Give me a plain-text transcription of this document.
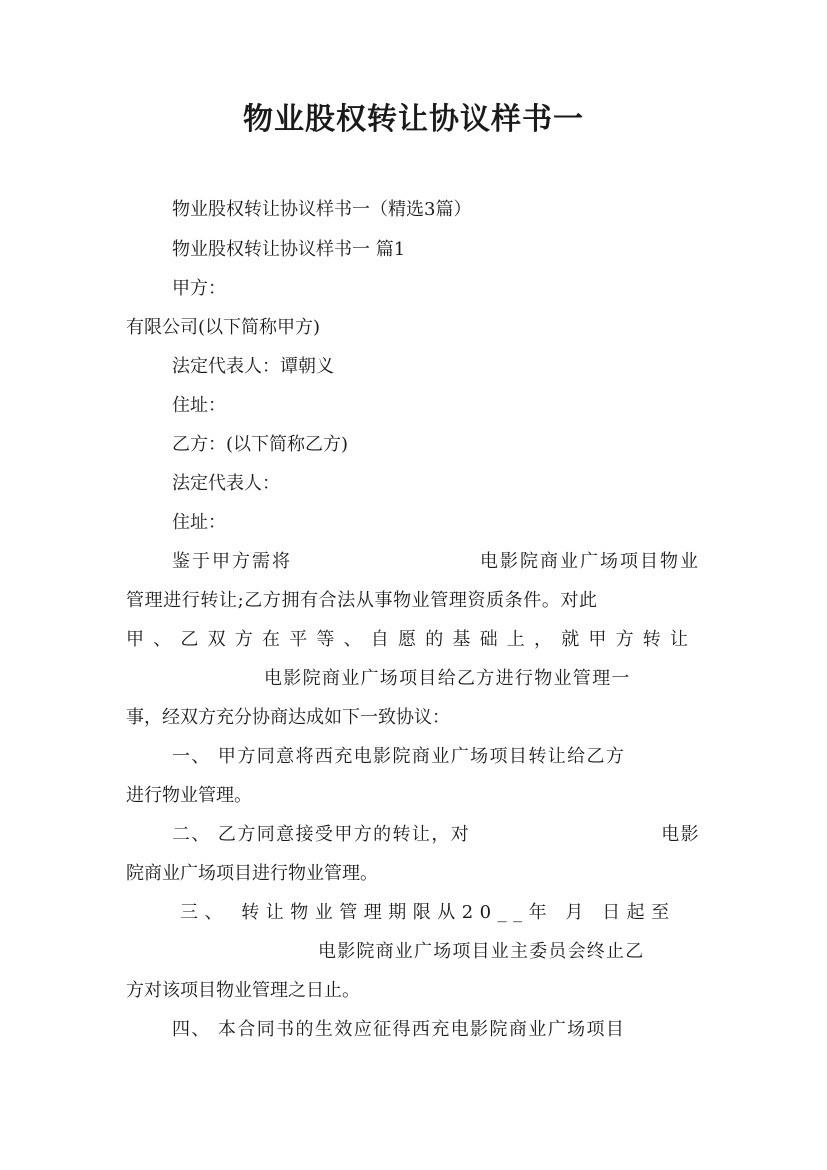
物业股权转让协议样书一

物业股权转让协议样书一（精选3篇）

物业股权转让协议样书一 篇1

甲方：

有限公司(以下简称甲方)

法定代表人：谭朝义

住址：

乙方：(以下简称乙方)

法定代表人：

住址：

鉴于甲方需将	电影院商业广场项目物业

管理进行转让;乙方拥有合法从事物业管理资质条件。对此

甲、乙双方在平等、自愿的基础上，就甲方转让

电影院商业广场项目给乙方进行物业管理一

事，经双方充分协商达成如下一致协议：

一、 甲方同意将西充电影院商业广场项目转让给乙方

进行物业管理。

二、 乙方同意接受甲方的转让，对	电影

院商业广场项目进行物业管理。

三、 转让物业管理期限从20__年 月 日起至

电影院商业广场项目业主委员会终止乙

方对该项目物业管理之日止。

四、 本合同书的生效应征得西充电影院商业广场项目
